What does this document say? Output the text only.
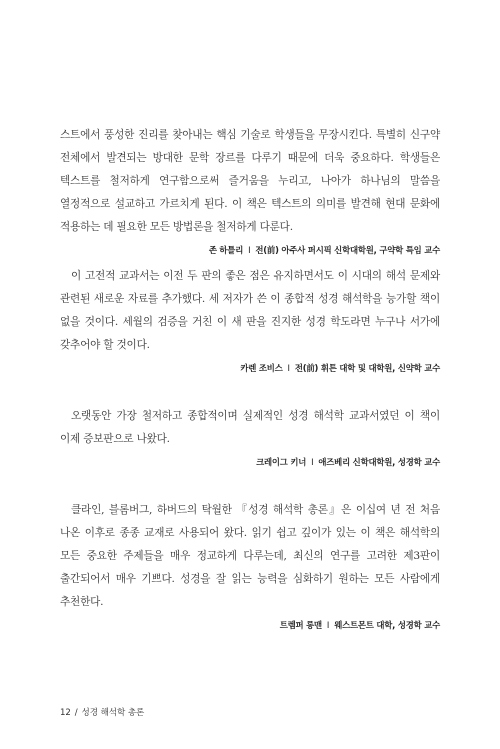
스트에서 풍성한 진리를 찾아내는 핵심 기술로 학생들을 무장시킨다. 특별히 신구약 전체에서 발견되는 방대한 문학 장르를 다루기 때문에 더욱 중요하다. 학생들은 텍스트를 철저하게 연구함으로써 즐거움을 누리고, 나아가 하나님의 말씀을 열정적으로 설교하고 가르치게 된다. 이 책은 텍스트의 의미를 발견해 현대 문화에 적용하는 데 필요한 모든 방법론을 철저하게 다룬다.

존 하틀리 I 전(前) 아주사 퍼시픽 신학대학원, 구약학 특임 교수

이 고전적 교과서는 이전 두 판의 좋은 점은 유지하면서도 이 시대의 해석 문제와 관련된 새로운 자료를 추가했다. 세 저자가 쓴 이 종합적 성경 해석학을 능가할 책이 없을 것이다. 세월의 검증을 거친 이 새 판을 진지한 성경 학도라면 누구나 서가에 갖추어야 할 것이다.

카렌 조비스 I 전(前) 휘튼 대학 및 대학원, 신약학 교수

오랫동안 가장 철저하고 종합적이며 실제적인 성경 해석학 교과서였던 이 책이 이제 증보판으로 나왔다.

크레이그 키너 I 애즈베리 신학대학원, 성경학 교수

클라인, 블롬버그, 하버드의 탁월한 『성경 해석학 총론』은 이십여 년 전 처음 나온 이후로 종종 교재로 사용되어 왔다. 읽기 쉽고 깊이가 있는 이 책은 해석학의 모든 중요한 주제들을 매우 정교하게 다루는데, 최신의 연구를 고려한 제3판이 출간되어서 매우 기쁘다. 성경을 잘 읽는 능력을 심화하기 원하는 모든 사람에게 추천한다.

트렘퍼 롱맨 I 웨스트몬트 대학, 성경학 교수
12 / 성경 해석학 총론
